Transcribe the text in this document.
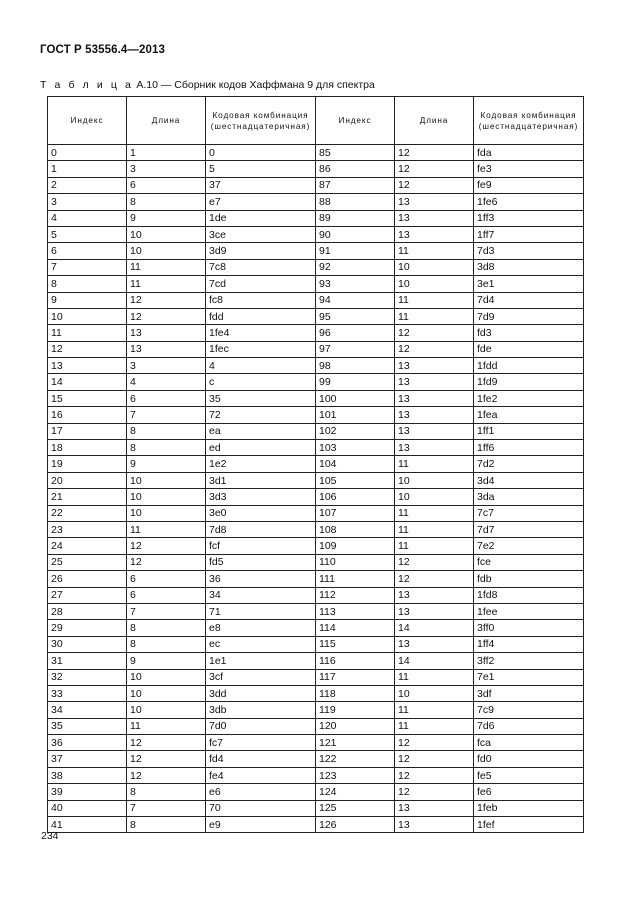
ГОСТ Р 53556.4—2013
Т а б л и ц а А.10 — Сборник кодов Хаффмана 9 для спектра
Индекс	Длина	Кодовая комбинация (шестнадцатеричная)	Индекс	Длина	Кодовая комбинация (шестнадцатеричная)
0	1	0	85	12	fda
1	3	5	86	12	fe3
2	6	37	87	12	fe9
3	8	e7	88	13	1fe6
4	9	1de	89	13	1ff3
5	10	3ce	90	13	1ff7
6	10	3d9	91	11	7d3
7	11	7c8	92	10	3d8
8	11	7cd	93	10	3e1
9	12	fc8	94	11	7d4
10	12	fdd	95	11	7d9
11	13	1fe4	96	12	fd3
12	13	1fec	97	12	fde
13	3	4	98	13	1fdd
14	4	c	99	13	1fd9
15	6	35	100	13	1fe2
16	7	72	101	13	1fea
17	8	ea	102	13	1ff1
18	8	ed	103	13	1ff6
19	9	1e2	104	11	7d2
20	10	3d1	105	10	3d4
21	10	3d3	106	10	3da
22	10	3e0	107	11	7c7
23	11	7d8	108	11	7d7
24	12	fcf	109	11	7e2
25	12	fd5	110	12	fce
26	6	36	111	12	fdb
27	6	34	112	13	1fd8
28	7	71	113	13	1fee
29	8	e8	114	14	3ff0
30	8	ec	115	13	1ff4
31	9	1e1	116	14	3ff2
32	10	3cf	117	11	7e1
33	10	3dd	118	10	3df
34	10	3db	119	11	7c9
35	11	7d0	120	11	7d6
36	12	fc7	121	12	fca
37	12	fd4	122	12	fd0
38	12	fe4	123	12	fe5
39	8	e6	124	12	fe6
40	7	70	125	13	1feb
41	8	e9	126	13	1fef
234
